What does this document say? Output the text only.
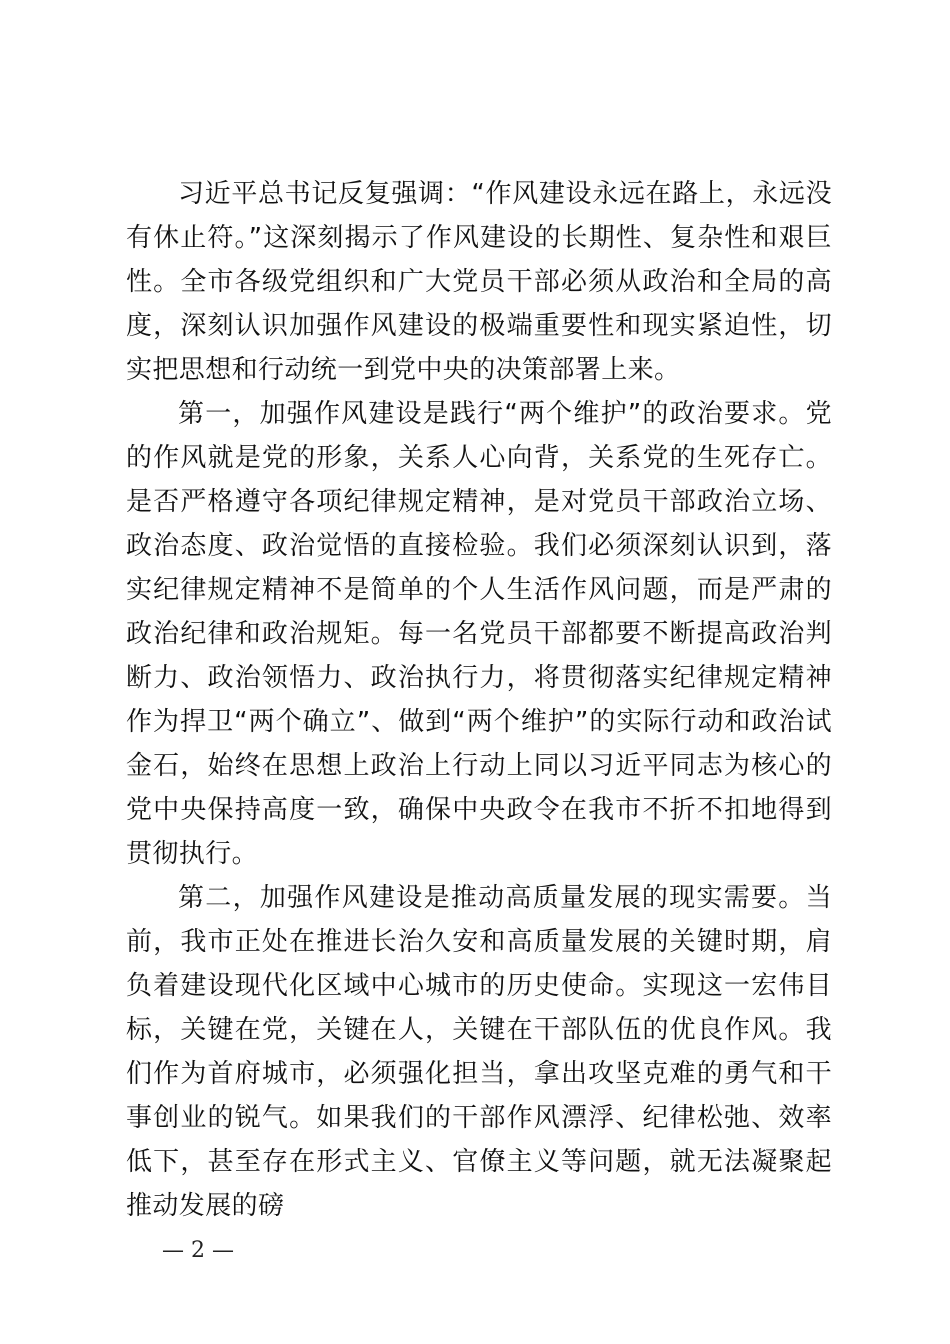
习近平总书记反复强调：“作风建设永远在路上，永远没有休止符。”这深刻揭示了作风建设的长期性、复杂性和艰巨性。全市各级党组织和广大党员干部必须从政治和全局的高度，深刻认识加强作风建设的极端重要性和现实紧迫性，切实把思想和行动统一到党中央的决策部署上来。

第一，加强作风建设是践行“两个维护”的政治要求。党的作风就是党的形象，关系人心向背，关系党的生死存亡。是否严格遵守各项纪律规定精神，是对党员干部政治立场、政治态度、政治觉悟的直接检验。我们必须深刻认识到，落实纪律规定精神不是简单的个人生活作风问题，而是严肃的政治纪律和政治规矩。每一名党员干部都要不断提高政治判断力、政治领悟力、政治执行力，将贯彻落实纪律规定精神作为捍卫“两个确立”、做到“两个维护”的实际行动和政治试金石，始终在思想上政治上行动上同以习近平同志为核心的党中央保持高度一致，确保中央政令在我市不折不扣地得到贯彻执行。

第二，加强作风建设是推动高质量发展的现实需要。当前，我市正处在推进长治久安和高质量发展的关键时期，肩负着建设现代化区域中心城市的历史使命。实现这一宏伟目标，关键在党，关键在人，关键在干部队伍的优良作风。我们作为首府城市，必须强化担当，拿出攻坚克难的勇气和干事创业的锐气。如果我们的干部作风漂浮、纪律松弛、效率低下，甚至存在形式主义、官僚主义等问题，就无法凝聚起推动发展的磅

— 2 —
